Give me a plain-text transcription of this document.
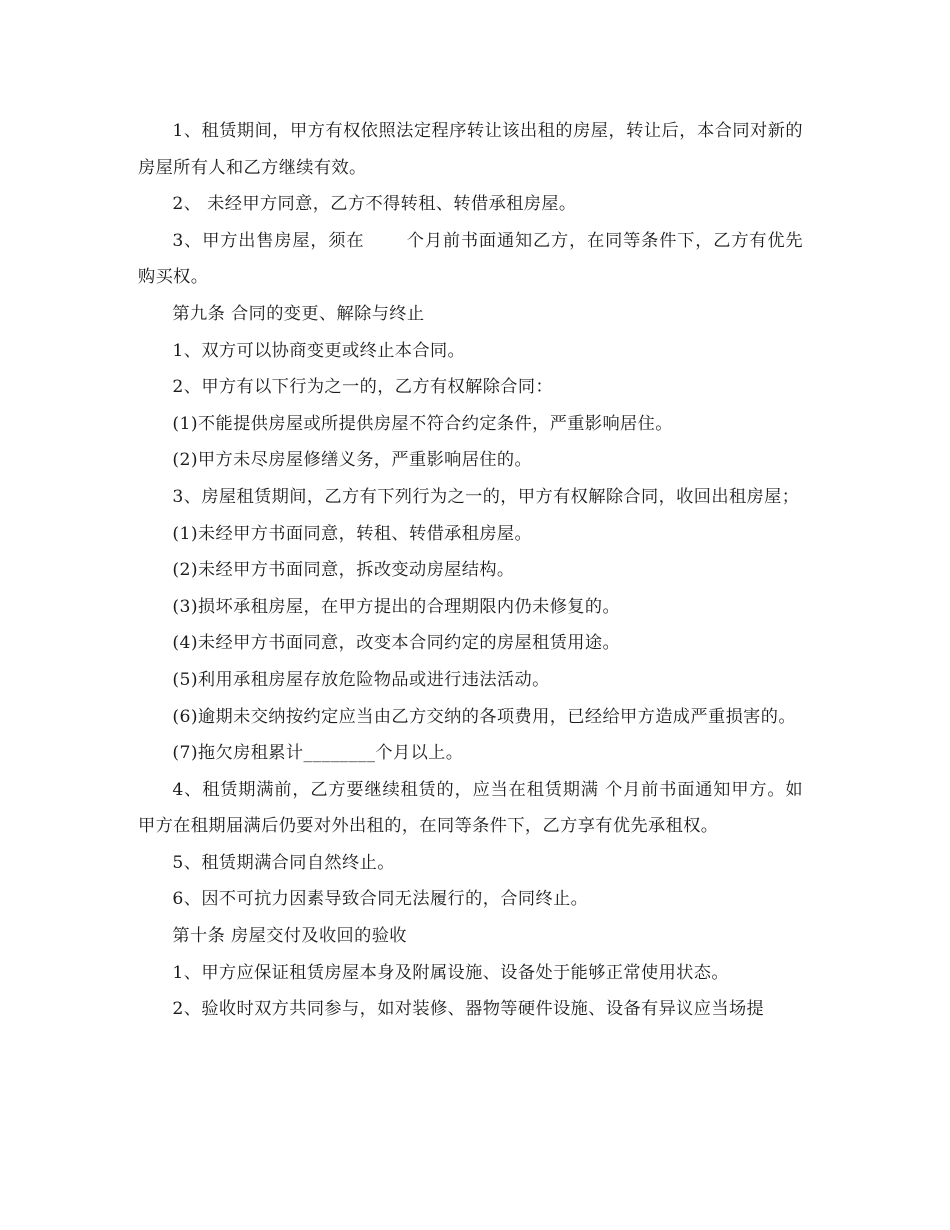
1、租赁期间，甲方有权依照法定程序转让该出租的房屋，转让后，本合同对新的房屋所有人和乙方继续有效。

2、 未经甲方同意，乙方不得转租、转借承租房屋。

3、甲方出售房屋，须在　　 个月前书面通知乙方，在同等条件下，乙方有优先购买权。

第九条 合同的变更、解除与终止

1、双方可以协商变更或终止本合同。

2、甲方有以下行为之一的，乙方有权解除合同：

(1)不能提供房屋或所提供房屋不符合约定条件，严重影响居住。

(2)甲方未尽房屋修缮义务，严重影响居住的。

3、房屋租赁期间，乙方有下列行为之一的，甲方有权解除合同，收回出租房屋；

(1)未经甲方书面同意，转租、转借承租房屋。

(2)未经甲方书面同意，拆改变动房屋结构。

(3)损坏承租房屋，在甲方提出的合理期限内仍未修复的。

(4)未经甲方书面同意，改变本合同约定的房屋租赁用途。

(5)利用承租房屋存放危险物品或进行违法活动。

(6)逾期未交纳按约定应当由乙方交纳的各项费用，已经给甲方造成严重损害的。

(7)拖欠房租累计________个月以上。

4、租赁期满前，乙方要继续租赁的，应当在租赁期满 个月前书面通知甲方。如甲方在租期届满后仍要对外出租的，在同等条件下，乙方享有优先承租权。

5、租赁期满合同自然终止。

6、因不可抗力因素导致合同无法履行的，合同终止。

第十条 房屋交付及收回的验收

1、甲方应保证租赁房屋本身及附属设施、设备处于能够正常使用状态。

2、验收时双方共同参与，如对装修、器物等硬件设施、设备有异议应当场提
